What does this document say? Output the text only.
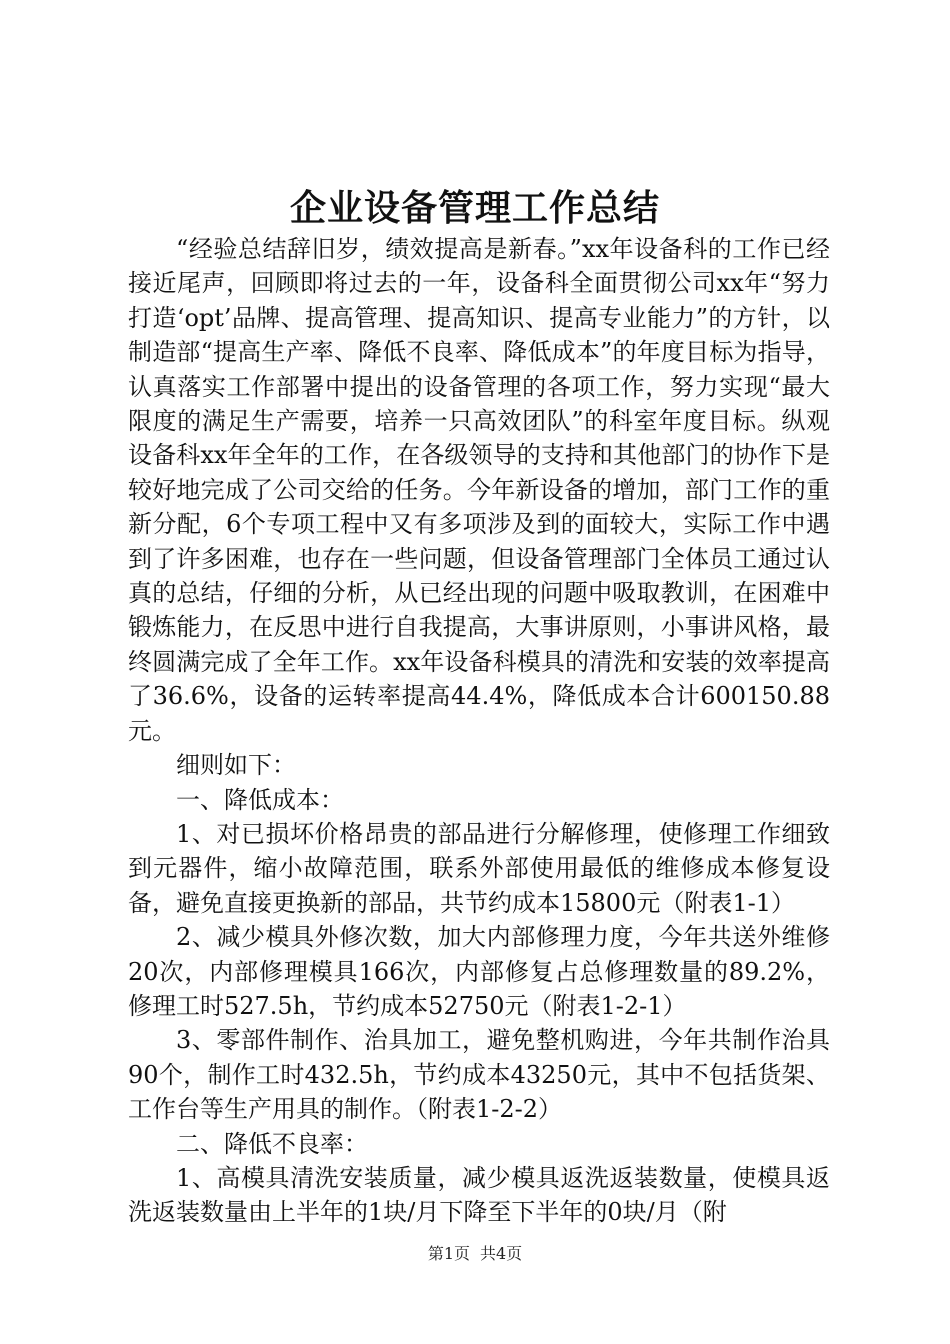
企业设备管理工作总结

“经验总结辞旧岁，绩效提高是新春。”xx年设备科的工作已经接近尾声，回顾即将过去的一年，设备科全面贯彻公司xx年“努力打造‘opt’品牌、提高管理、提高知识、提高专业能力”的方针，以制造部“提高生产率、降低不良率、降低成本”的年度目标为指导，认真落实工作部署中提出的设备管理的各项工作，努力实现“最大限度的满足生产需要，培养一只高效团队”的科室年度目标。纵观设备科xx年全年的工作，在各级领导的支持和其他部门的协作下是较好地完成了公司交给的任务。今年新设备的增加，部门工作的重新分配，6个专项工程中又有多项涉及到的面较大，实际工作中遇到了许多困难，也存在一些问题，但设备管理部门全体员工通过认真的总结，仔细的分析，从已经出现的问题中吸取教训，在困难中锻炼能力，在反思中进行自我提高，大事讲原则，小事讲风格，最终圆满完成了全年工作。xx年设备科模具的清洗和安装的效率提高了36.6%，设备的运转率提高44.4%，降低成本合计600150.88元。

细则如下：

一、降低成本：

1、对已损坏价格昂贵的部品进行分解修理，使修理工作细致到元器件，缩小故障范围，联系外部使用最低的维修成本修复设备，避免直接更换新的部品，共节约成本15800元（附表1-1）

2、减少模具外修次数，加大内部修理力度，今年共送外维修20次，内部修理模具166次，内部修复占总修理数量的89.2%，修理工时527.5h，节约成本52750元（附表1-2-1）

3、零部件制作、治具加工，避免整机购进，今年共制作治具90个，制作工时432.5h，节约成本43250元，其中不包括货架、工作台等生产用具的制作。（附表1-2-2）

二、降低不良率：

1、高模具清洗安装质量，减少模具返洗返装数量，使模具返洗返装数量由上半年的1块/月下降至下半年的0块/月（附

第1页 共4页
